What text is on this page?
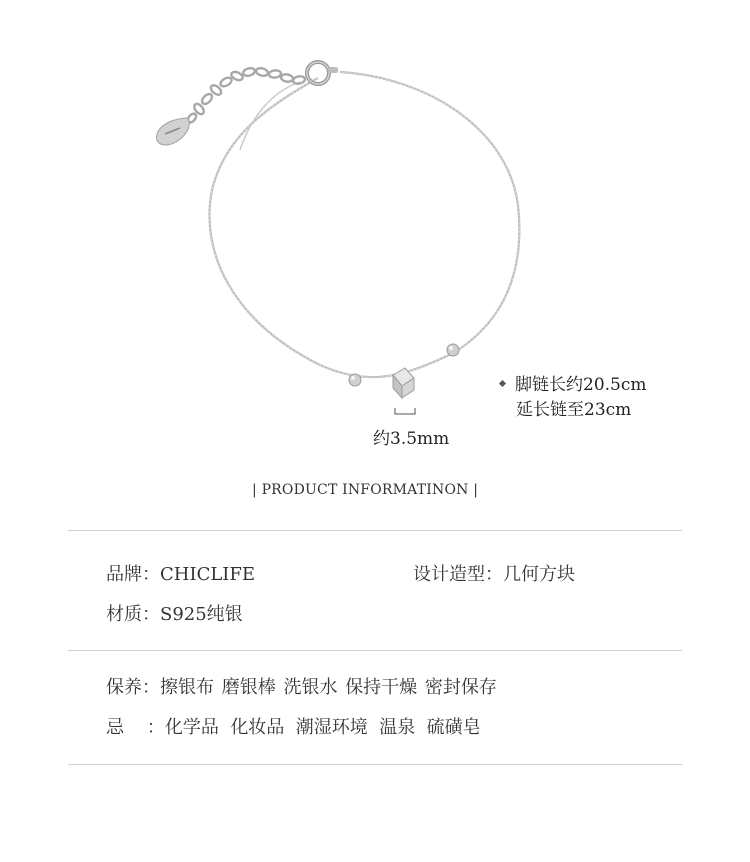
脚链长约20.5cm
延长链至23cm
约3.5mm
| PRODUCT INFORMATINON |
品牌：CHICLIFE	设计造型：几何方块
材质：S925纯银
保养：擦银布 磨银棒 洗银水 保持干燥 密封保存
忌    ：化学品  化妆品  潮湿环境  温泉  硫磺皂
